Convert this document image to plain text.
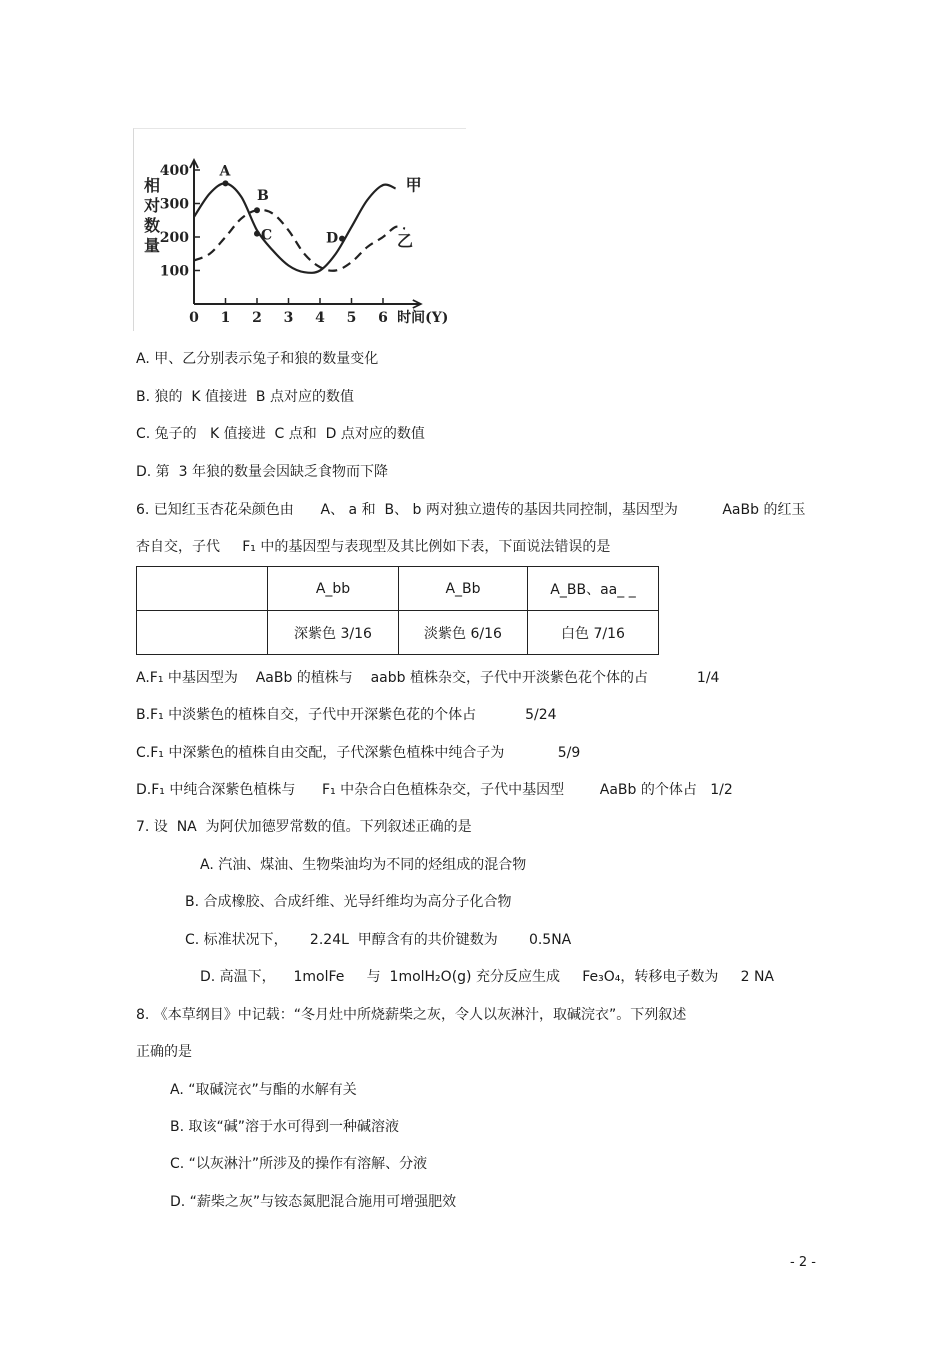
0 1 2 3 4 5 6
100
200
300
400
相
对
数
量
时间(Y)
甲
乙
A
B
C	D
A. 甲、乙分别表示兔子和狼的数量变化
B. 狼的  K 值接进  B 点对应的数值
C. 兔子的   K 值接进  C 点和  D 点对应的数值
D. 第  3 年狼的数量会因缺乏食物而下降
6. 已知红玉杏花朵颜色由      A、 a 和  B、 b 两对独立遗传的基因共同控制，基因型为          AaBb 的红玉
杏自交，子代     F₁ 中的基因型与表现型及其比例如下表，下面说法错误的是
	A_bb	A_Bb	A_BB、aa_ _
	深紫色 3/16	淡紫色 6/16	白色 7/16
A.F₁ 中基因型为    AaBb 的植株与    aabb 植株杂交，子代中开淡紫色花个体的占           1/4
B.F₁ 中淡紫色的植株自交，子代中开深紫色花的个体占           5/24
C.F₁ 中深紫色的植株自由交配，子代深紫色植株中纯合子为            5/9
D.F₁ 中纯合深紫色植株与      F₁ 中杂合白色植株杂交，子代中基因型        AaBb 的个体占   1/2
7. 设  NA  为阿伏加德罗常数的值。下列叙述正确的是
A. 汽油、煤油、生物柴油均为不同的烃组成的混合物
B. 合成橡胶、合成纤维、光导纤维均为高分子化合物
C. 标准状况下，     2.24L  甲醇含有的共价键数为       0.5NA
D. 高温下，    1molFe     与  1molH₂O(g) 充分反应生成     Fe₃O₄，转移电子数为     2 NA
8. 《本草纲目》中记载：“冬月灶中所烧薪柴之灰，令人以灰淋汁，取碱浣衣”。下列叙述
正确的是
A. “取碱浣衣”与酯的水解有关
B. 取该“碱”溶于水可得到一种碱溶液
C. “以灰淋汁”所涉及的操作有溶解、分液
D. “薪柴之灰”与铵态氮肥混合施用可增强肥效
- 2 -
